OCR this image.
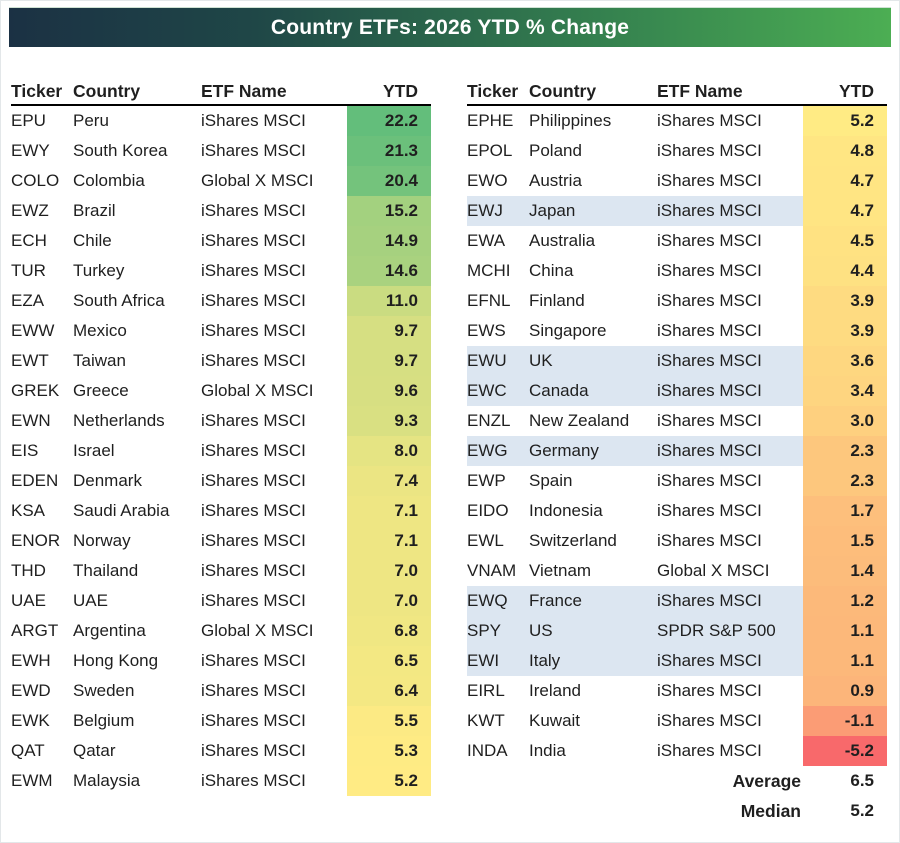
Country ETFs: 2026 YTD % Change
Ticker Country	ETF Name	YTD
EPU	Peru	iShares MSCI	22.2
EWY	South Korea	iShares MSCI	21.3
COLO Colombia	Global X MSCI	20.4
EWZ	Brazil	iShares MSCI	15.2
ECH	Chile	iShares MSCI	14.9
TUR	Turkey	iShares MSCI	14.6
EZA	South Africa	iShares MSCI	11.0
EWW	Mexico	iShares MSCI	9.7
EWT	Taiwan	iShares MSCI	9.7
GREK Greece	Global X MSCI	9.6
EWN	Netherlands	iShares MSCI	9.3
EIS	Israel	iShares MSCI	8.0
EDEN Denmark	iShares MSCI	7.4
KSA	Saudi Arabia	iShares MSCI	7.1
ENOR Norway	iShares MSCI	7.1
THD	Thailand	iShares MSCI	7.0
UAE	UAE	iShares MSCI	7.0
ARGT Argentina	Global X MSCI	6.8
EWH	Hong Kong	iShares MSCI	6.5
EWD	Sweden	iShares MSCI	6.4
EWK	Belgium	iShares MSCI	5.5
QAT	Qatar	iShares MSCI	5.3
EWM	Malaysia	iShares MSCI	5.2
Ticker Country	ETF Name	YTD
EPHE Philippines	iShares MSCI	5.2
EPOL Poland	iShares MSCI	4.8
EWO	Austria	iShares MSCI	4.7
EWJ	Japan	iShares MSCI	4.7
EWA	Australia	iShares MSCI	4.5
MCHI	China	iShares MSCI	4.4
EFNL	Finland	iShares MSCI	3.9
EWS	Singapore	iShares MSCI	3.9
EWU	UK	iShares MSCI	3.6
EWC	Canada	iShares MSCI	3.4
ENZL	New Zealand	iShares MSCI	3.0
EWG	Germany	iShares MSCI	2.3
EWP	Spain	iShares MSCI	2.3
EIDO	Indonesia	iShares MSCI	1.7
EWL	Switzerland	iShares MSCI	1.5
VNAM Vietnam	Global X MSCI	1.4
EWQ	France	iShares MSCI	1.2
SPY	US	SPDR S&P 500	1.1
EWI	Italy	iShares MSCI	1.1
EIRL	Ireland	iShares MSCI	0.9
KWT	Kuwait	iShares MSCI	-1.1
INDA	India	iShares MSCI	-5.2
Average	6.5
Median	5.2
